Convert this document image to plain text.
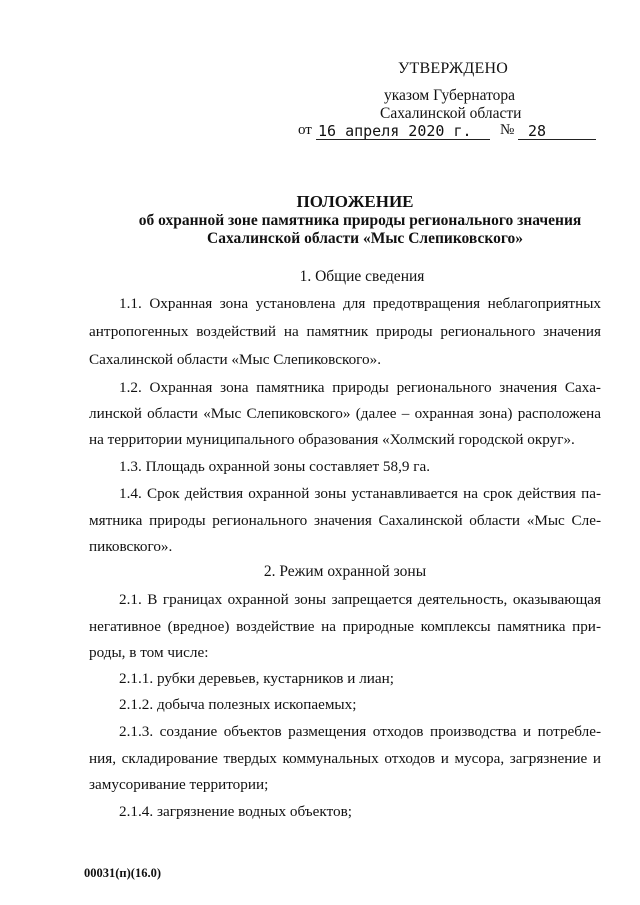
УТВЕРЖДЕНО
указом Губернатора
Сахалинской области
от 16 апреля 2020 г. № 28
ПОЛОЖЕНИЕ
об охранной зоне памятника природы регионального значения
Сахалинской области «Мыс Слепиковского»
1. Общие сведения
1.1. Охранная зона установлена для предотвращения неблагоприятных
антропогенных воздействий на памятник природы регионального значения
Сахалинской области «Мыс Слепиковского».
1.2. Охранная зона памятника природы регионального значения Саха-
линской области «Мыс Слепиковского» (далее – охранная зона) расположена
на территории муниципального образования «Холмский городской округ».
1.3. Площадь охранной зоны составляет 58,9 га.
1.4. Срок действия охранной зоны устанавливается на срок действия па-
мятника природы регионального значения Сахалинской области «Мыс Сле-
пиковского».
2. Режим охранной зоны
2.1. В границах охранной зоны запрещается деятельность, оказывающая
негативное (вредное) воздействие на природные комплексы памятника при-
роды, в том числе:
2.1.1. рубки деревьев, кустарников и лиан;
2.1.2. добыча полезных ископаемых;
2.1.3. создание объектов размещения отходов производства и потребле-
ния, складирование твердых коммунальных отходов и мусора, загрязнение и
замусоривание территории;
2.1.4. загрязнение водных объектов;
00031(п)(16.0)
